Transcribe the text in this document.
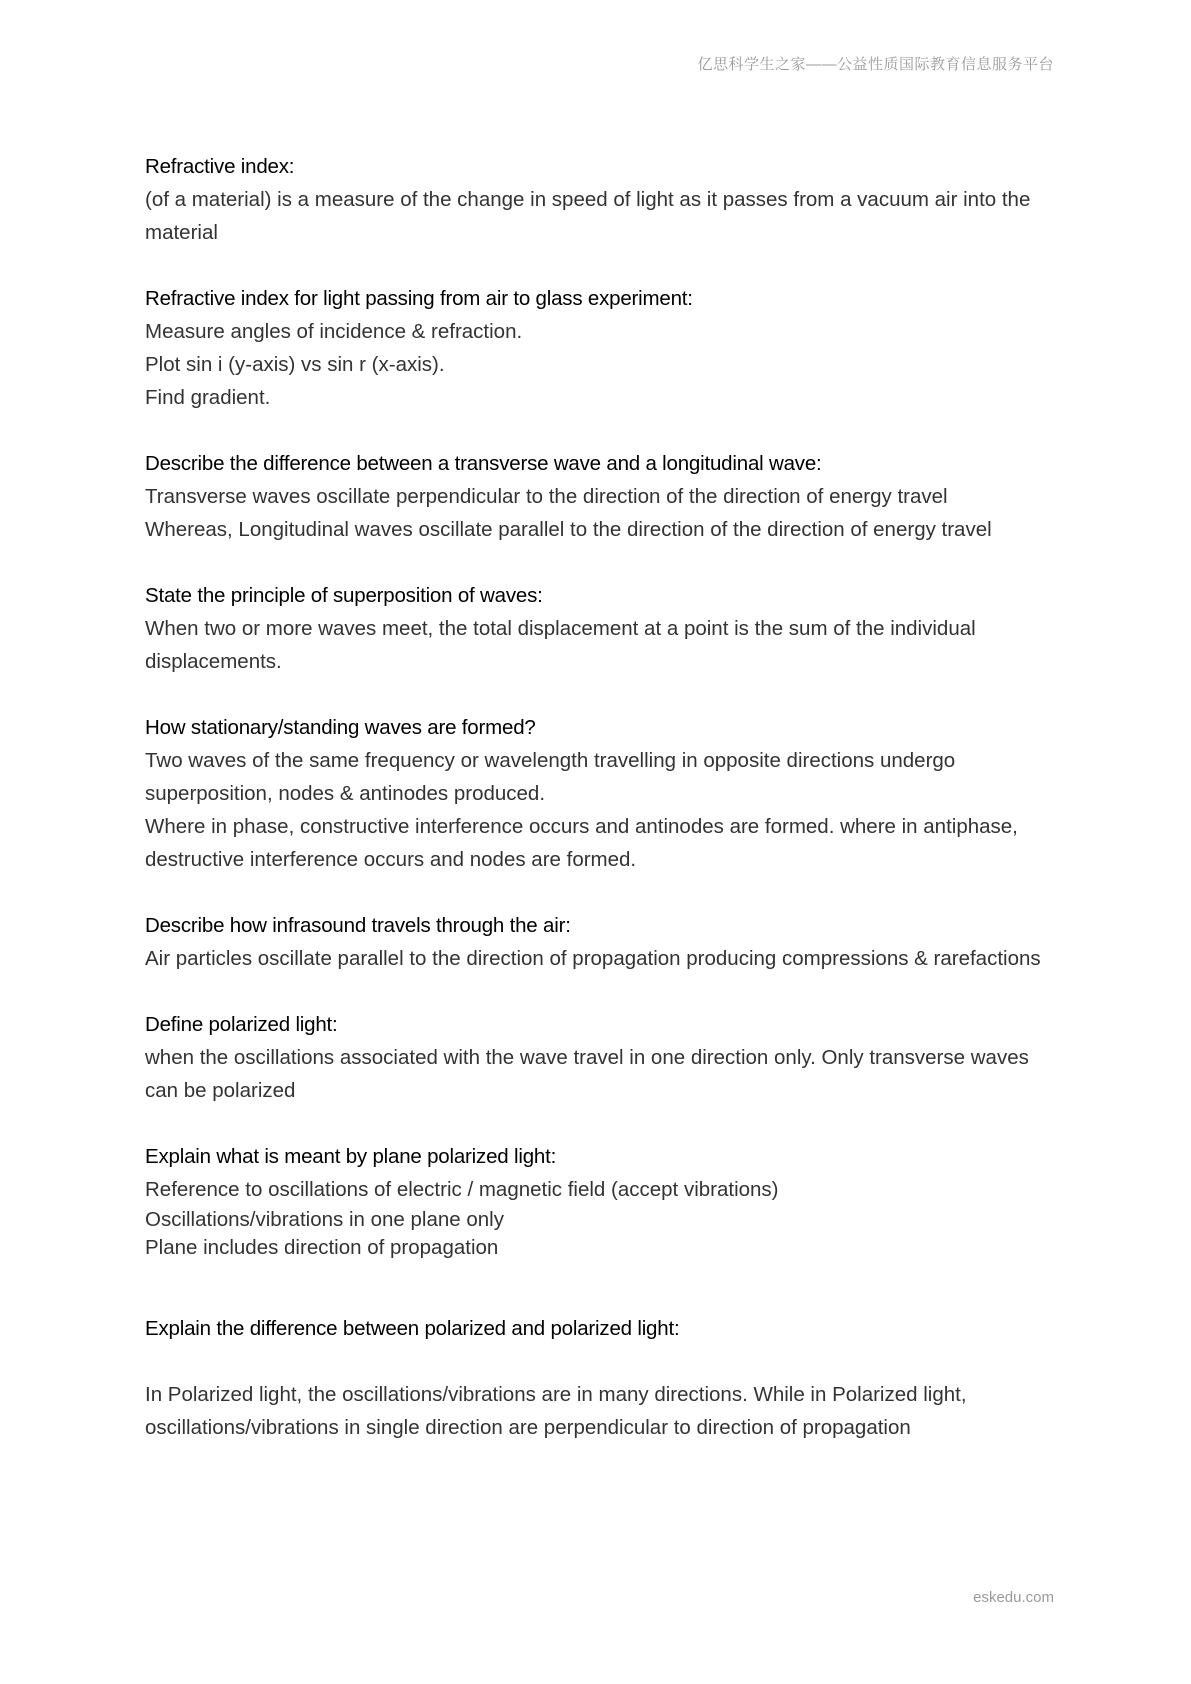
亿思科学生之家——公益性质国际教育信息服务平台
Refractive index:
(of a material) is a measure of the change in speed of light as it passes from a vacuum air into the
material
Refractive index for light passing from air to glass experiment:
Measure angles of incidence & refraction.
Plot sin i (y-axis) vs sin r (x-axis).
Find gradient.
Describe the difference between a transverse wave and a longitudinal wave:
Transverse waves oscillate perpendicular to the direction of the direction of energy travel
Whereas, Longitudinal waves oscillate parallel to the direction of the direction of energy travel
State the principle of superposition of waves:
When two or more waves meet, the total displacement at a point is the sum of the individual
displacements.
How stationary/standing waves are formed?
Two waves of the same frequency or wavelength travelling in opposite directions undergo
superposition, nodes & antinodes produced.
Where in phase, constructive interference occurs and antinodes are formed. where in antiphase,
destructive interference occurs and nodes are formed.
Describe how infrasound travels through the air:
Air particles oscillate parallel to the direction of propagation producing compressions & rarefactions
Define polarized light:
when the oscillations associated with the wave travel in one direction only. Only transverse waves
can be polarized
Explain what is meant by plane polarized light:
Reference to oscillations of electric / magnetic field (accept vibrations)
Oscillations/vibrations in one plane only
Plane includes direction of propagation
Explain the difference between polarized and polarized light:
In Polarized light, the oscillations/vibrations are in many directions. While in Polarized light,
oscillations/vibrations in single direction are perpendicular to direction of propagation
eskedu.com
